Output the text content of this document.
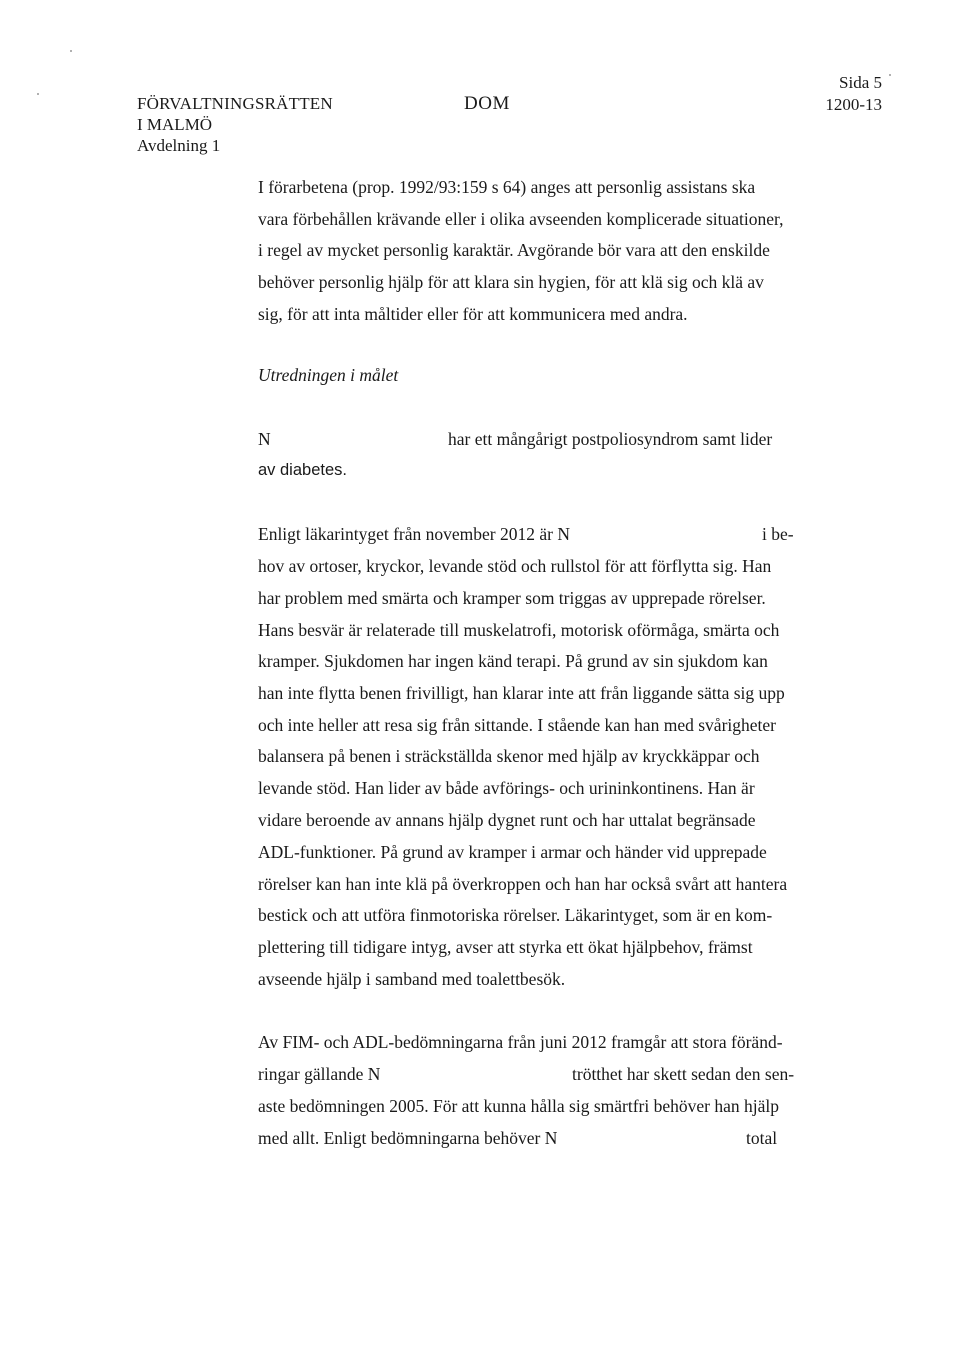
FÖRVALTNINGSRÄTTEN
I MALMÖ
Avdelning 1
DOM
Sida 5
1200-13
I förarbetena (prop. 1992/93:159 s 64) anges att personlig assistans ska
vara förbehållen krävande eller i olika avseenden komplicerade situationer,
i regel av mycket personlig karaktär. Avgörande bör vara att den enskilde
behöver personlig hjälp för att klara sin hygien, för att klä sig och klä av
sig, för att inta måltider eller för att kommunicera med andra.
Utredningen i målet
N	har ett mångårigt postpoliosyndrom samt lider
av diabetes.
Enligt läkarintyget från november 2012 är N	i be-
hov av ortoser, kryckor, levande stöd och rullstol för att förflytta sig. Han
har problem med smärta och kramper som triggas av upprepade rörelser.
Hans besvär är relaterade till muskelatrofi, motorisk oförmåga, smärta och
kramper. Sjukdomen har ingen känd terapi. På grund av sin sjukdom kan
han inte flytta benen frivilligt, han klarar inte att från liggande sätta sig upp
och inte heller att resa sig från sittande. I stående kan han med svårigheter
balansera på benen i sträckställda skenor med hjälp av kryckkäppar och
levande stöd. Han lider av både avförings- och urininkontinens. Han är
vidare beroende av annans hjälp dygnet runt och har uttalat begränsade
ADL-funktioner. På grund av kramper i armar och händer vid upprepade
rörelser kan han inte klä på överkroppen och han har också svårt att hantera
bestick och att utföra finmotoriska rörelser. Läkarintyget, som är en kom-
plettering till tidigare intyg, avser att styrka ett ökat hjälpbehov, främst
avseende hjälp i samband med toalettbesök.
Av FIM- och ADL-bedömningarna från juni 2012 framgår att stora föränd-
ringar gällande N	trötthet har skett sedan den sen-
aste bedömningen 2005. För att kunna hålla sig smärtfri behöver han hjälp
med allt. Enligt bedömningarna behöver N	total
